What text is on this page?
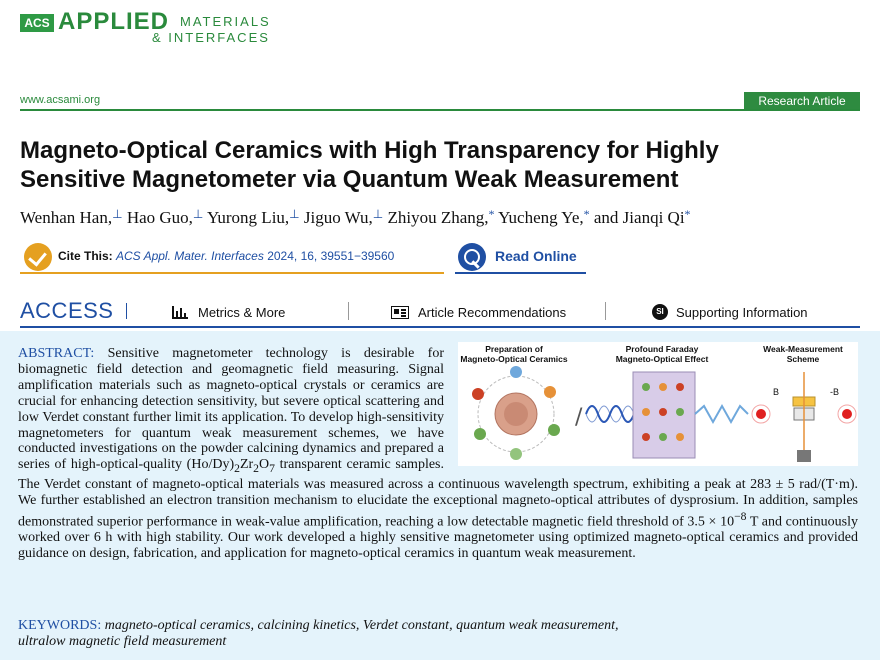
ACS APPLIED MATERIALS
& INTERFACES
www.acsami.org	Research Article
Magneto-Optical Ceramics with High Transparency for Highly
Sensitive Magnetometer via Quantum Weak Measurement
Wenhan Han,⊥ Hao Guo,⊥ Yurong Liu,⊥ Jiguo Wu,⊥ Zhiyou Zhang,* Yucheng Ye,* and Jianqi Qi*
Cite This: ACS Appl. Mater. Interfaces 2024, 16, 39551−39560	Read Online
ACCESS	Metrics & More	Article Recommendations	SI Supporting Information
Preparation of
Magneto-Optical Ceramics
Profound Faraday
Magneto-Optical Effect
Weak-Measurement
Scheme
/
B	-B
ABSTRACT: Sensitive magnetometer technology is desirable for biomagnetic field detection and geomagnetic field measuring. Signal amplification materials such as magneto-optical crystals or ceramics are crucial for enhancing detection sensitivity, but severe optical scattering and low Verdet constant further limit its application. To develop high-sensitivity magnetometers for quantum weak measurement schemes, we have conducted investigations on the powder calcining dynamics and prepared a series of high-optical-quality $(Ho/Dy)_2Zr_2O_7$ transparent ceramic samples. The Verdet constant of magneto-optical materials was measured across a continuous wavelength spectrum, exhibiting a peak at 283 ± 5 rad/(T·m). We further established an electron transition mechanism to elucidate the exceptional magneto-optical attributes of dysprosium. In addition, samples demonstrated superior performance in weak-value amplification, reaching a low detectable magnetic field threshold of $3.5 \times 10^{-8}$ T and continuously worked over 6 h with high stability. Our work developed a highly sensitive magnetometer using optimized magneto-optical ceramics and provided guidance on design, fabrication, and application for magneto-optical ceramics in quantum weak measurement.
KEYWORDS: magneto-optical ceramics, calcining kinetics, Verdet constant, quantum weak measurement,
ultralow magnetic field measurement
